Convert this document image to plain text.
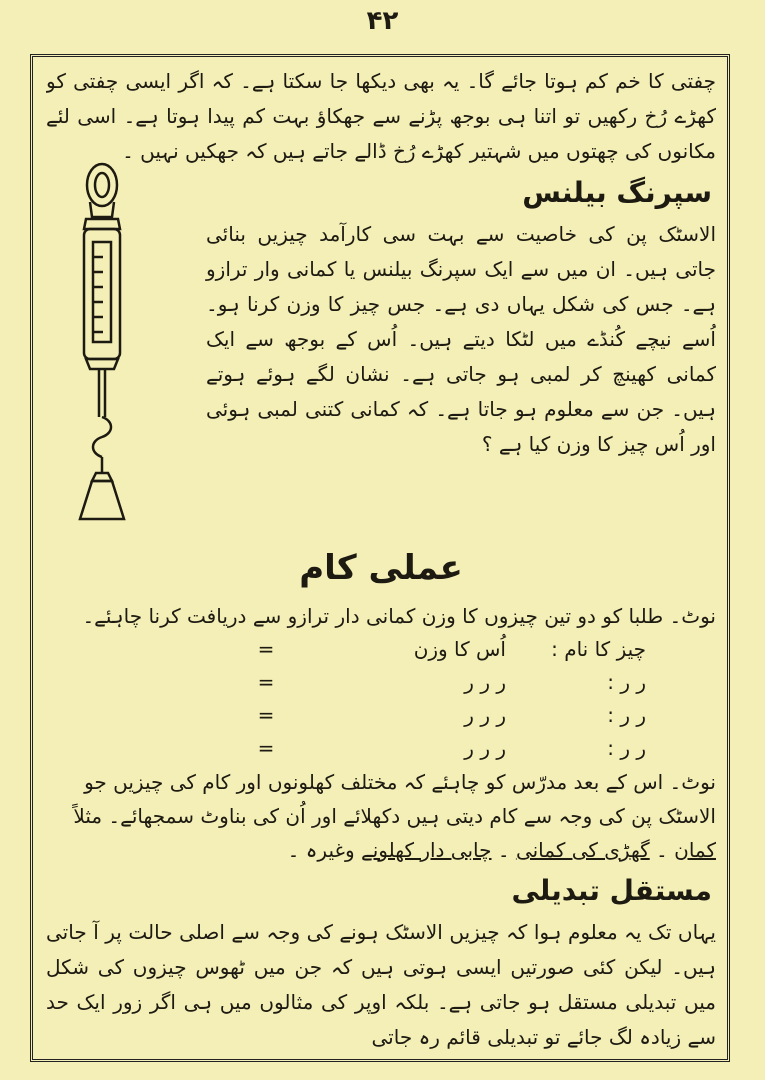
۴۲

چفتی کا خم کم ہوتا جائے گا۔ یہ بھی دیکھا جا سکتا ہے۔ کہ اگر ایسی چفتی کو کھڑے رُخ رکھیں تو اتنا ہی بوجھ پڑنے سے جھکاؤ بہت کم پیدا ہوتا ہے۔ اسی لئے مکانوں کی چھتوں میں شہتیر کھڑے رُخ ڈالے جاتے ہیں کہ جھکیں نہیں ۔

سپرنگ بیلنس

الاسٹک پن کی خاصیت سے بہت سی کارآمد چیزیں بنائی جاتی ہیں۔ ان میں سے ایک سپرنگ بیلنس یا کمانی وار ترازو ہے۔ جس کی شکل یہاں دی ہے۔ جس چیز کا وزن کرنا ہو۔ اُسے نیچے کُنڈے میں لٹکا دیتے ہیں۔ اُس کے بوجھ سے ایک کمانی کھینچ کر لمبی ہو جاتی ہے۔ نشان لگے ہوئے ہوتے ہیں۔ جن سے معلوم ہو جاتا ہے۔ کہ کمانی کتنی لمبی ہوئی اور اُس چیز کا وزن کیا ہے ؟

عملی کام

نوٹ۔ طلبا کو دو تین چیزوں کا وزن کمانی دار ترازو سے دریافت کرنا چاہئے۔

چیز کا نام :
اُس کا وزن
=
ر ر :
ر ر ر
=
ر ر :
ر ر ر
=
ر ر :
ر ر ر
=

نوٹ۔ اس کے بعد مدرّس کو چاہئے کہ مختلف کھلونوں اور کام کی چیزیں جو الاسٹک پن کی وجہ سے کام دیتی ہیں دکھلائے اور اُن کی بناوٹ سمجھائے۔ مثلاً

کمان ۔ گھڑی کی کمانی ۔ چابی دار کھلونے وغیرہ ۔

مستقل تبدیلی

یہاں تک یہ معلوم ہوا کہ چیزیں الاسٹک ہونے کی وجہ سے اصلی حالت پر آ جاتی ہیں۔ لیکن کئی صورتیں ایسی ہوتی ہیں کہ جن میں ٹھوس چیزوں کی شکل میں تبدیلی مستقل ہو جاتی ہے۔ بلکہ اوپر کی مثالوں میں ہی اگر زور ایک حد سے زیادہ لگ جائے تو تبدیلی قائم رہ جاتی
